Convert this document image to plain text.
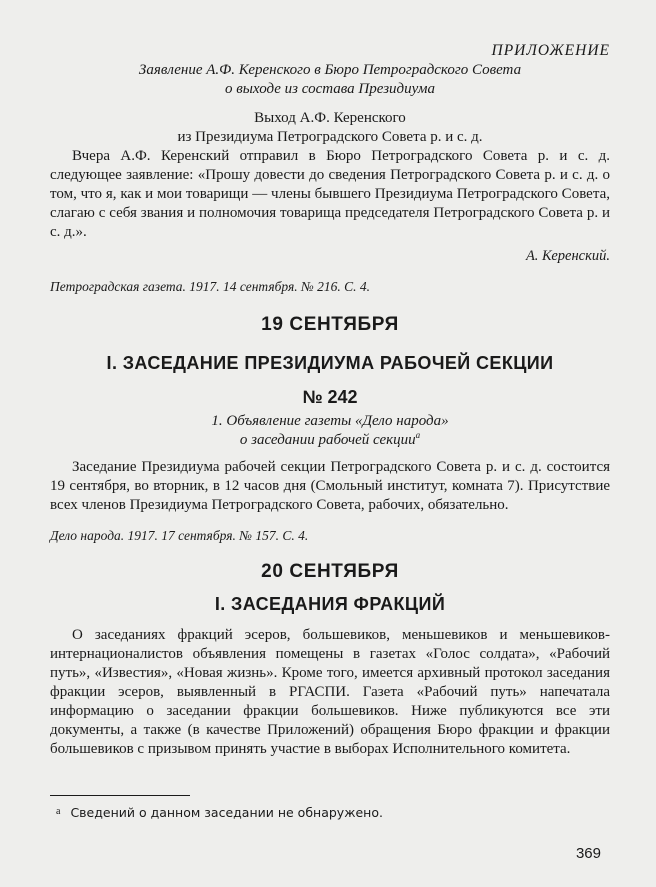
ПРИЛОЖЕНИЕ
Заявление А.Ф. Керенского в Бюро Петроградского Совета
о выходе из состава Президиума
Выход А.Ф. Керенского
из Президиума Петроградского Совета р. и с. д.

Вчера А.Ф. Керенский отправил в Бюро Петроградского Совета р. и с. д. следующее заявление: «Прошу довести до сведения Петроградского Совета р. и с. д. о том, что я, как и мои товарищи — члены бывшего Президиума Петроградского Совета, слагаю с себя звания и полномочия товарища председателя Петроградского Совета р. и с. д.».

А. Керенский.
Петроградская газета. 1917. 14 сентября. № 216. С. 4.
19 СЕНТЯБРЯ
I. ЗАСЕДАНИЕ ПРЕЗИДИУМА РАБОЧЕЙ СЕКЦИИ
№ 242
1. Объявление газеты «Дело народа»
о заседании рабочей секции$^а$

Заседание Президиума рабочей секции Петроградского Совета р. и с. д. состоится 19 сентября, во вторник, в 12 часов дня (Смольный институт, комната 7). Присутствие всех членов Президиума Петроградского Совета, рабочих, обязательно.

Дело народа. 1917. 17 сентября. № 157. С. 4.
20 СЕНТЯБРЯ
I. ЗАСЕДАНИЯ ФРАКЦИЙ

О заседаниях фракций эсеров, большевиков, меньшевиков и меньшевиков-интернационалистов объявления помещены в газетах «Голос солдата», «Рабочий путь», «Известия», «Новая жизнь». Кроме того, имеется архивный протокол заседания фракции эсеров, выявленный в РГАСПИ. Газета «Рабочий путь» напечатала информацию о заседании фракции большевиков. Ниже публикуются все эти документы, а также (в качестве Приложений) обращения Бюро фракции и фракции большевиков с призывом принять участие в выборах Исполнительного комитета.

$^а$ Сведений о данном заседании не обнаружено.
369
